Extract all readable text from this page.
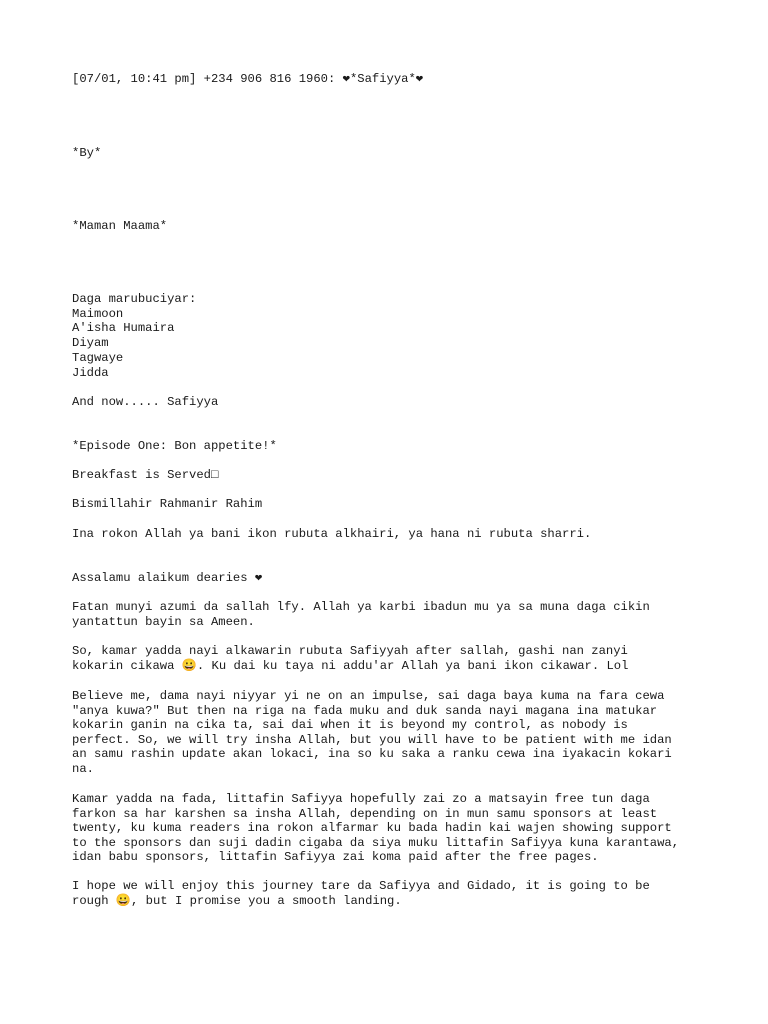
[07/01, 10:41 pm] +234 906 816 1960: ❤*Safiyya*❤

*By*

*Maman Maama*

Daga marubuciyar:

Maimoon

A'isha Humaira

Diyam

Tagwaye

Jidda

And now..... Safiyya

*Episode One: Bon appetite!*

Breakfast is Served□

Bismillahir Rahmanir Rahim

Ina rokon Allah ya bani ikon rubuta alkhairi, ya hana ni rubuta sharri.

Assalamu alaikum dearies ❤

Fatan munyi azumi da sallah lfy. Allah ya karbi ibadun mu ya sa muna daga cikin
yantattun bayin sa Ameen.

So, kamar yadda nayi alkawarin rubuta Safiyyah after sallah, gashi nan zanyi
kokarin cikawa 😀. Ku dai ku taya ni addu'ar Allah ya bani ikon cikawar. Lol

Believe me, dama nayi niyyar yi ne on an impulse, sai daga baya kuma na fara cewa
"anya kuwa?" But then na riga na fada muku and duk sanda nayi magana ina matukar
kokarin ganin na cika ta, sai dai when it is beyond my control, as nobody is
perfect. So, we will try insha Allah, but you will have to be patient with me idan
an samu rashin update akan lokaci, ina so ku saka a ranku cewa ina iyakacin kokari
na.

Kamar yadda na fada, littafin Safiyya hopefully zai zo a matsayin free tun daga
farkon sa har karshen sa insha Allah, depending on in mun samu sponsors at least
twenty, ku kuma readers ina rokon alfarmar ku bada hadin kai wajen showing support
to the sponsors dan suji dadin cigaba da siya muku littafin Safiyya kuna karantawa,
idan babu sponsors, littafin Safiyya zai koma paid after the free pages.

I hope we will enjoy this journey tare da Safiyya and Gidado, it is going to be
rough 😀, but I promise you a smooth landing.
